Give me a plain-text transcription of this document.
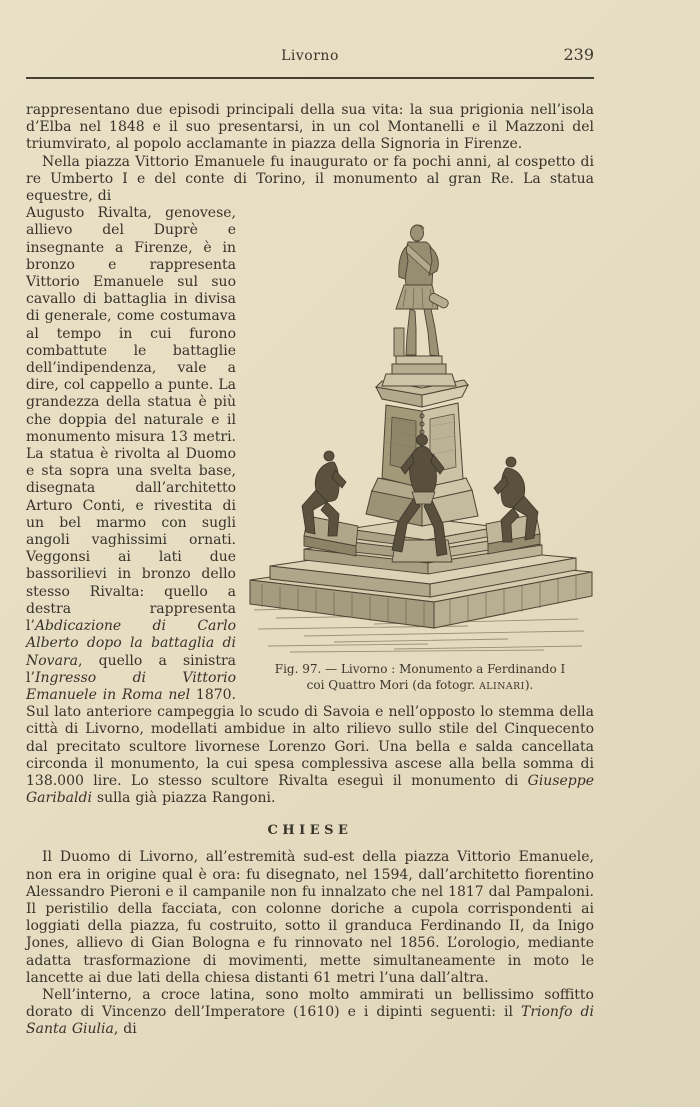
Livorno	239

rappresentano due episodi principali della sua vita: la sua prigionia nell’isola d’Elba nel 1848 e il suo presentarsi, in un col Montanelli e il Mazzoni del triumvirato, al popolo acclamante in piazza della Signoria in Firenze.

Nella piazza Vittorio Emanuele fu inaugurato or fa pochi anni, al cospetto di re Umberto I e del conte di Torino, il monumento al gran Re. La statua equestre, di

Fig. 97. — Livorno : Monumento a Ferdinando I
coi Quattro Mori (da fotogr. ALINARI).

Augusto Rivalta, genovese, allievo del Duprè e insegnante a Firenze, è in bronzo e rappresenta Vittorio Emanuele sul suo cavallo di battaglia in divisa di generale, come costumava al tempo in cui furono combattute le battaglie dell’indipendenza, vale a dire, col cappello a punte. La grandezza della statua è più che doppia del naturale e il monumento misura 13 metri. La statua è rivolta al Duomo e sta sopra una svelta base, disegnata dall’architetto Arturo Conti, e rivestita di un bel marmo con sugli angoli vaghissimi ornati. Veggonsi ai lati due bassorilievi in bronzo dello stesso Rivalta: quello a destra rappresenta l’Abdicazione di Carlo Alberto dopo la battaglia di Novara, quello a sinistra l’Ingresso di Vittorio Emanuele in Roma nel 1870. Sul lato anteriore campeggia lo scudo di Savoia e nell’opposto lo stemma della città di Livorno, modellati ambidue in alto rilievo sullo stile del Cinquecento dal precitato scultore livornese Lorenzo Gori. Una bella e salda cancellata circonda il monumento, la cui spesa complessiva ascese alla bella somma di 138.000 lire. Lo stesso scultore Rivalta eseguì il monumento di Giuseppe Garibaldi sulla già piazza Rangoni.

CHIESE

Il Duomo di Livorno, all’estremità sud-est della piazza Vittorio Emanuele, non era in origine qual è ora: fu disegnato, nel 1594, dall’architetto fiorentino Alessandro Pieroni e il campanile non fu innalzato che nel 1817 dal Pampaloni. Il peristilio della facciata, con colonne doriche a cupola corrispondenti ai loggiati della piazza, fu costruito, sotto il granduca Ferdinando II, da Inigo Jones, allievo di Gian Bologna e fu rinnovato nel 1856. L’orologio, mediante adatta trasformazione di movimenti, mette simultaneamente in moto le lancette ai due lati della chiesa distanti 61 metri l’una dall’altra.

Nell’interno, a croce latina, sono molto ammirati un bellissimo soffitto dorato di Vincenzo dell’Imperatore (1610) e i dipinti seguenti: il Trionfo di Santa Giulia, di
